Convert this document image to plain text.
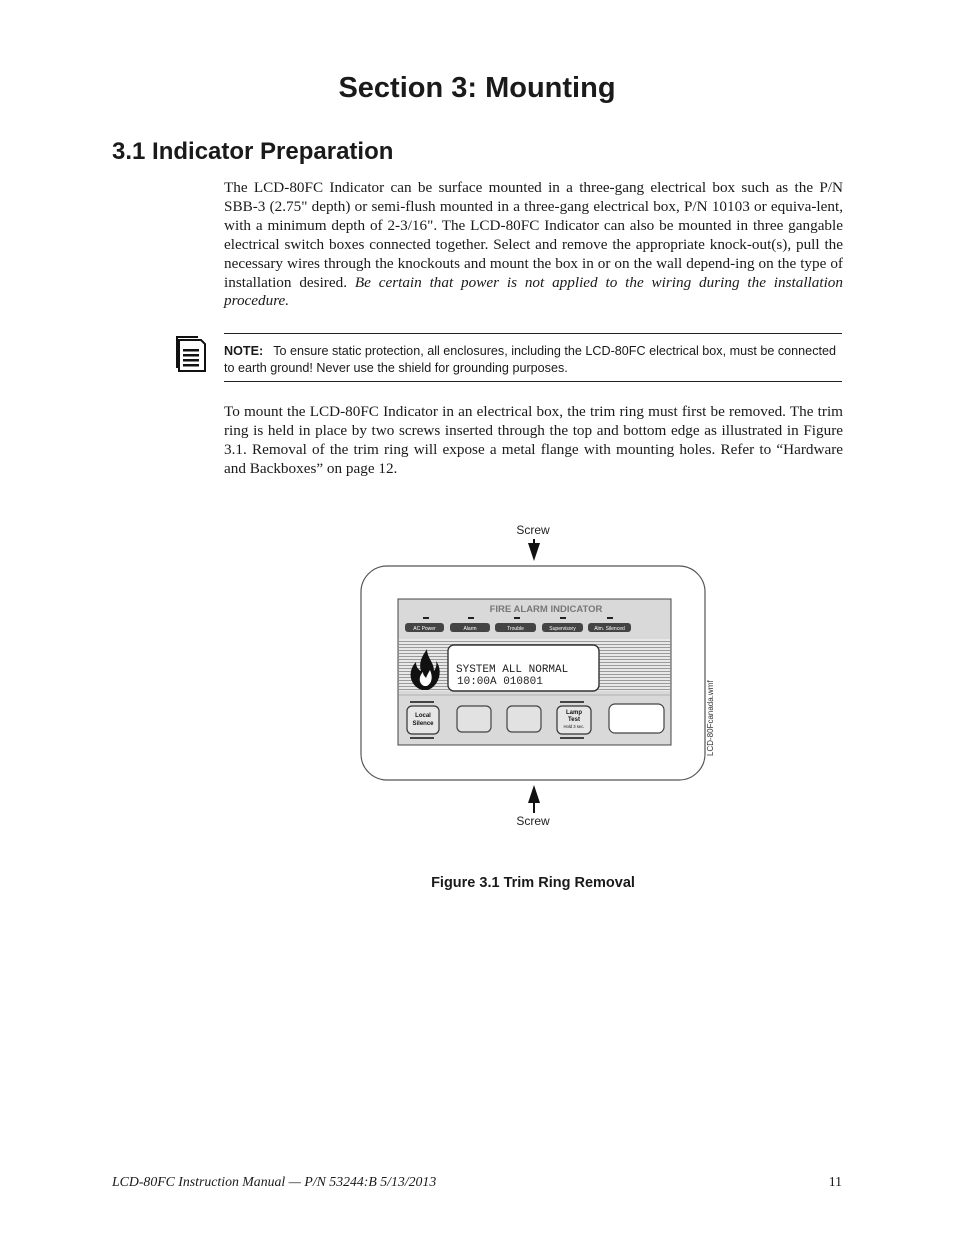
Section 3: Mounting
3.1 Indicator Preparation

The LCD-80FC Indicator can be surface mounted in a three-gang electrical box such as the P/N SBB-3 (2.75" depth) or semi-flush mounted in a three-gang electrical box, P/N 10103 or equiva-lent, with a minimum depth of 2-3/16". The LCD-80FC Indicator can also be mounted in three gangable electrical switch boxes connected together. Select and remove the appropriate knock-out(s), pull the necessary wires through the knockouts and mount the box in or on the wall depend-ing on the type of installation desired. Be certain that power is not applied to the wiring during the installation procedure.

NOTE: To ensure static protection, all enclosures, including the LCD-80FC electrical box, must be connected to earth ground! Never use the shield for grounding purposes.

To mount the LCD-80FC Indicator in an electrical box, the trim ring must first be removed. The trim ring is held in place by two screws inserted through the top and bottom edge as illustrated in Figure 3.1. Removal of the trim ring will expose a metal flange with mounting holes. Refer to “Hardware and Backboxes” on page 12.

Screw
FIRE ALARM INDICATOR
AC Power	Alarm	Trouble	Supervisory	Alm. Silenced
SYSTEM ALL NORMAL
10:00A 010801
Local
Silence
Lamp
Test
Hold 3 sec.	LCD-80Fcanada.wmf
Screw
Figure 3.1 Trim Ring Removal
LCD-80FC Instruction Manual — P/N 53244:B 5/13/2013	11
